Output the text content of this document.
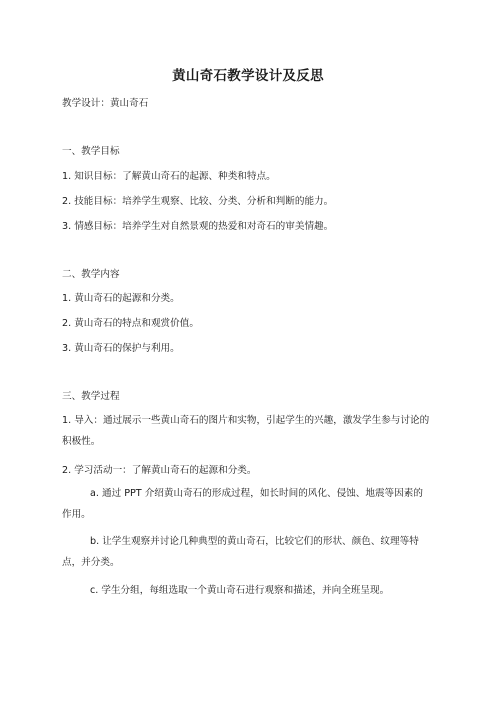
黄山奇石教学设计及反思
教学设计：黄山奇石
一、教学目标
1. 知识目标：了解黄山奇石的起源、种类和特点。
2. 技能目标：培养学生观察、比较、分类、分析和判断的能力。
3. 情感目标：培养学生对自然景观的热爱和对奇石的审美情趣。
二、教学内容
1. 黄山奇石的起源和分类。
2. 黄山奇石的特点和观赏价值。
3. 黄山奇石的保护与利用。
三、教学过程
1. 导入：通过展示一些黄山奇石的图片和实物，引起学生的兴趣，激发学生参与讨论的积极性。
2. 学习活动一：了解黄山奇石的起源和分类。
a. 通过 PPT 介绍黄山奇石的形成过程，如长时间的风化、侵蚀、地震等因素的作用。
b. 让学生观察并讨论几种典型的黄山奇石，比较它们的形状、颜色、纹理等特点，并分类。
c. 学生分组，每组选取一个黄山奇石进行观察和描述，并向全班呈现。
